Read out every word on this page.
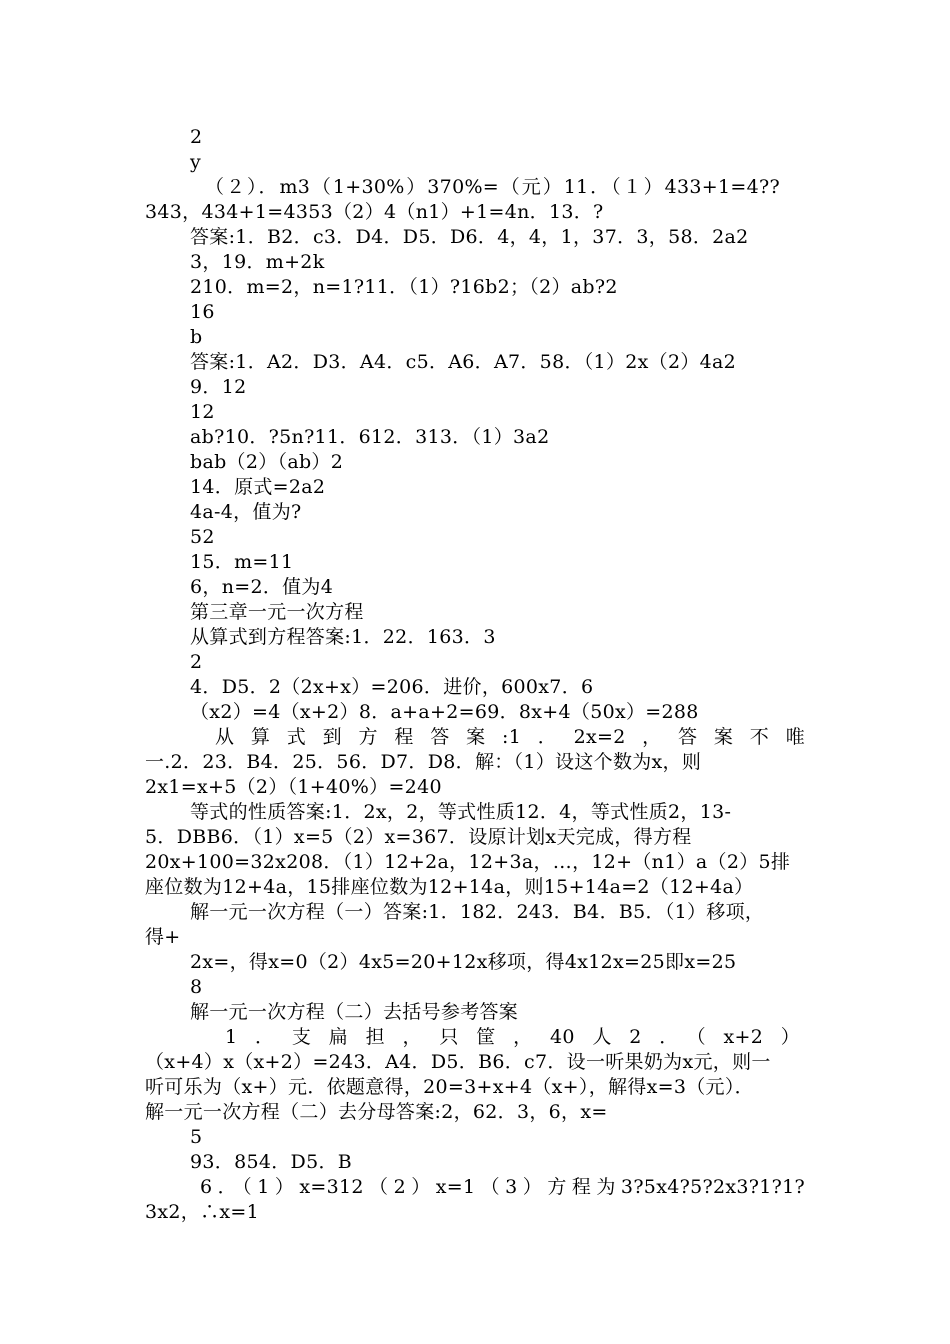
2
y
（２）．m3（1+30%）370%=（元）11．（１）433+1=4??
343，434+1=4353（2）4（n1）+1=4n．13．?
答案:1．B2．c3．D4．D5．D6．4，4，1，37．3，58．2a2
3，19．m+2k
210．m=2，n=1?11．（1）?16b2；（2）ab?2
16
b
答案:1．A2．D3．A4．c5．A6．A7．58．（1）2x（2）4a2
9．12
12
ab?10．?5n?11．612．313．（1）3a2
bab（2）（ab）2
14．原式=2a2
4a-4，值为?
52
15．m=11
6，n=2．值为4
第三章一元一次方程
从算式到方程答案:1．22．163．3
2
4．D5．2（2x+x）=206．进价，600x7．6
（x2）=4（x+2）8．a+a+2=69．8x+4（50x）=288
从算式到方程答案:1．2x=2，答案不唯
一.2．23．B4．25．56．D7．D8．解：（1）设这个数为x，则
2x1=x+5（2）（1+40%）=240
等式的性质答案:1．2x，2，等式性质12．4，等式性质2，13-
5．DBB6．（1）x=5（2）x=367．设原计划x天完成，得方程
20x+100=32x208．（1）12+2a，12+3a，…，12+（n1）a（2）5排
座位数为12+4a，15排座位数为12+14a，则15+14a=2（12+4a）
解一元一次方程（一）答案:1．182．243．B4．B5．（1）移项，
得+
2x=，得x=0（2）4x5=20+12x移项，得4x12x=25即x=25
8
解一元一次方程（二）去括号参考答案
1．支扁担，只筐，40人2．（x+2）
（x+4）x（x+2）=243．A4．D5．B6．c7．设一听果奶为x元，则一
听可乐为（x+）元．依题意得，20=3+x+4（x+），解得x=3（元）．
解一元一次方程（二）去分母答案:2，62．3，6，x=
5
93．854．D5．B
6．（1）x=312（2）x=1（3）方程为3?5x4?5?2x3?1?1?
3x2，∴x=1
